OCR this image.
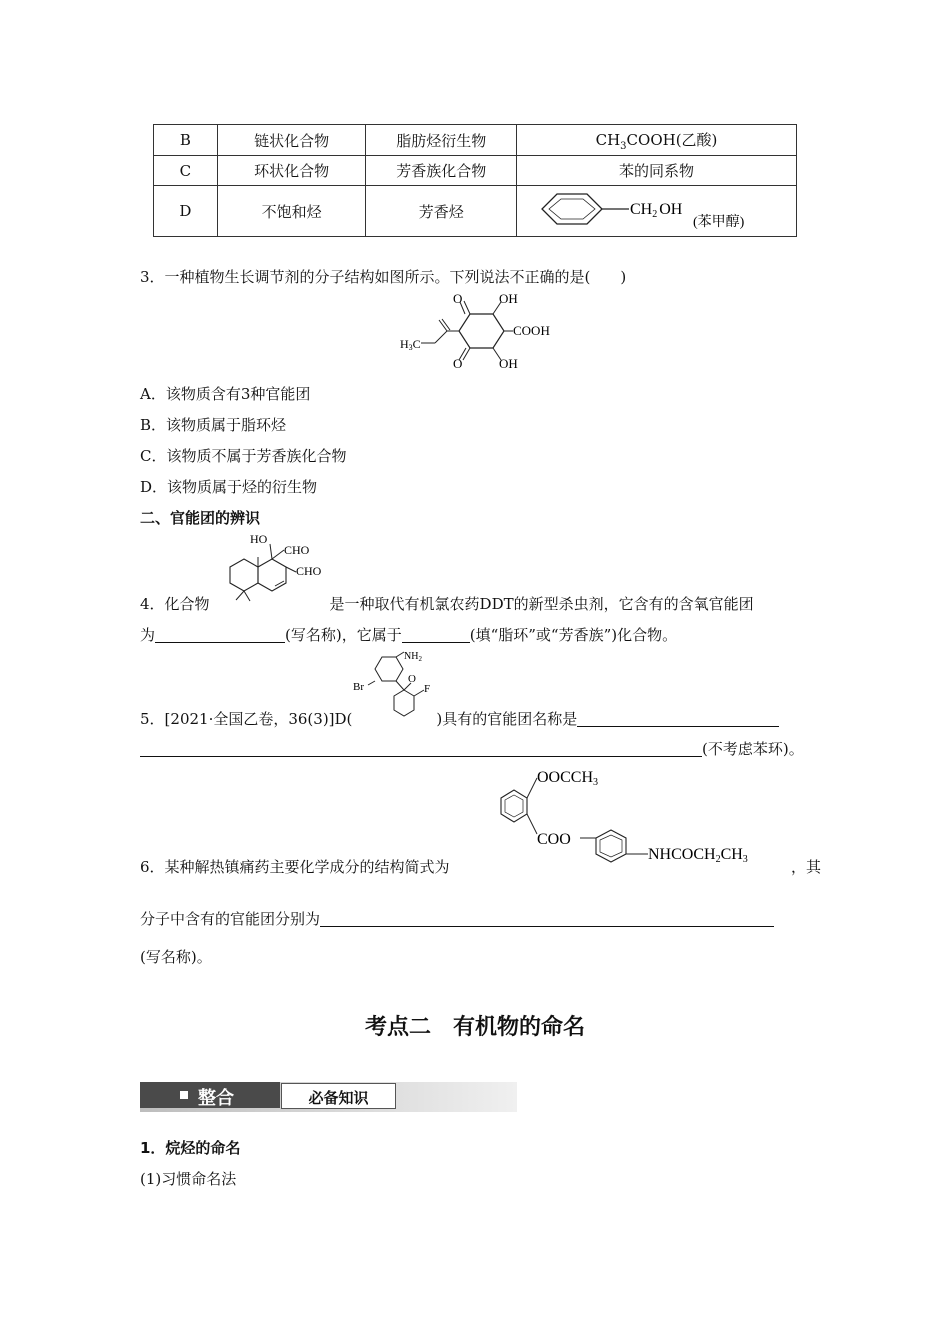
B	链状化合物	脂肪烃衍生物	$CH_3COOH$(乙酸)
C	环状化合物	芳香族化合物	苯的同系物
D	不饱和烃	芳香烃	CH2 OH
(苯甲醇)
3．一种植物生长调节剂的分子结构如图所示。下列说法不正确的是( )
O	OH
COOH
O	OH
H3C
A．该物质含有3种官能团
B．该物质属于脂环烃
C．该物质不属于芳香族化合物
D．该物质属于烃的衍生物
二、官能团的辨识
HO
CHO
CHO
4．化合物	是一种取代有机氯农药DDT的新型杀虫剂，它含有的含氧官能团
为	(写名称)，它属于	(填“脂环”或“芳香族”)化合物。
$NH_2$
Br
O
F
5．[2021·全国乙卷，36(3)]D(	)具有的官能团名称是
(不考虑苯环)。
OOCCH3
COO
NHCOCH2CH3
6．某种解热镇痛药主要化学成分的结构简式为	，其
分子中含有的官能团分别为
(写名称)。
考点二　有机物的命名
整合	必备知识
1．烷烃的命名
(1)习惯命名法
